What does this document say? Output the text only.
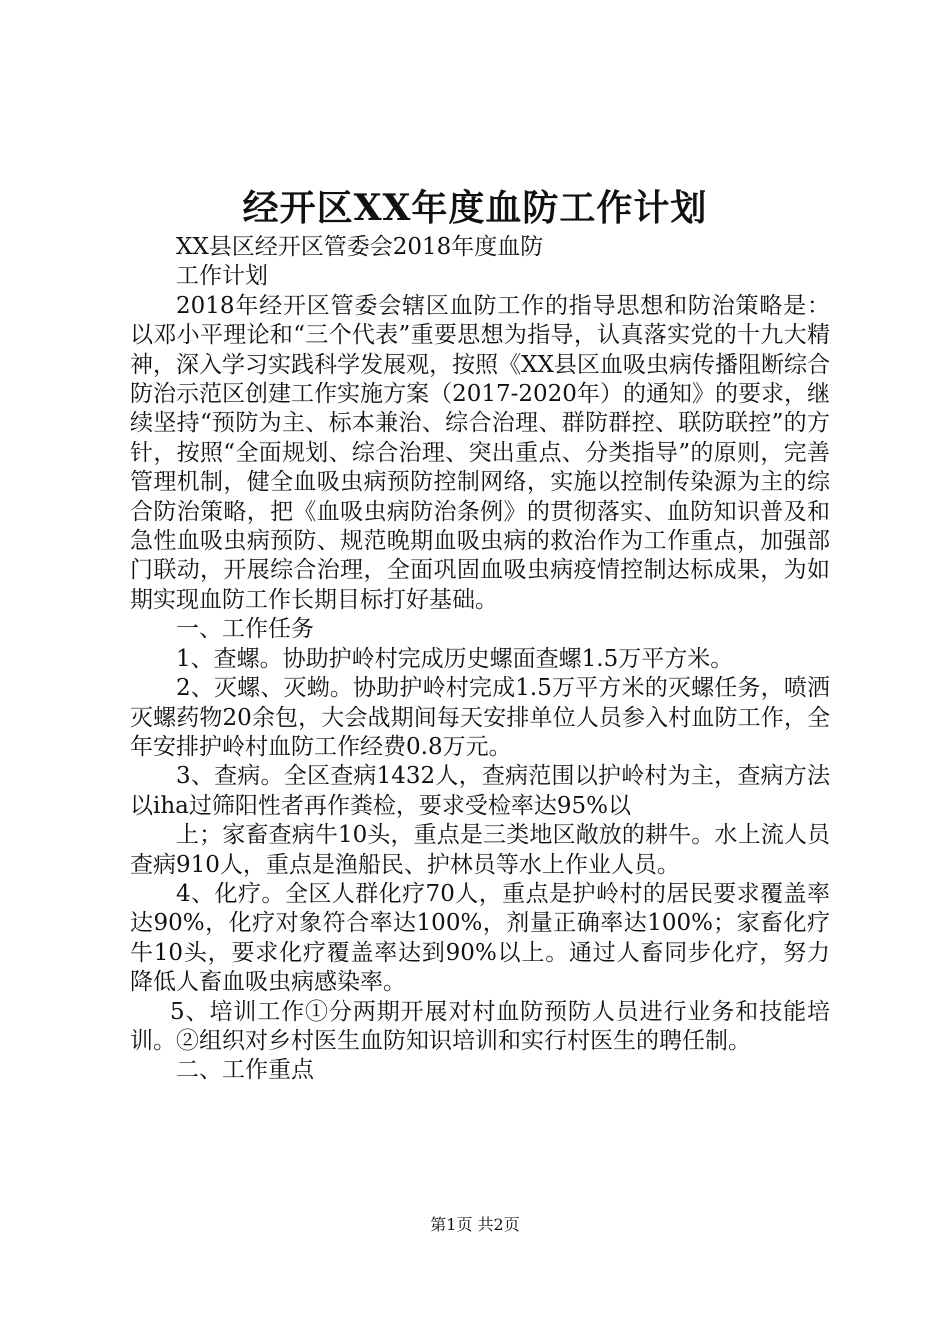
经开区XX年度血防工作计划

XX县区经开区管委会2018年度血防

工作计划

2018年经开区管委会辖区血防工作的指导思想和防治策略是：以邓小平理论和“三个代表”重要思想为指导，认真落实党的十九大精神，深入学习实践科学发展观，按照《XX县区血吸虫病传播阻断综合防治示范区创建工作实施方案（2017-2020年）的通知》的要求，继续坚持“预防为主、标本兼治、综合治理、群防群控、联防联控”的方针，按照“全面规划、综合治理、突出重点、分类指导”的原则，完善管理机制，健全血吸虫病预防控制网络，实施以控制传染源为主的综合防治策略，把《血吸虫病防治条例》的贯彻落实、血防知识普及和急性血吸虫病预防、规范晚期血吸虫病的救治作为工作重点，加强部门联动，开展综合治理，全面巩固血吸虫病疫情控制达标成果，为如期实现血防工作长期目标打好基础。

一、工作任务

1、查螺。协助护岭村完成历史螺面查螺1.5万平方米。

2、灭螺、灭蚴。协助护岭村完成1.5万平方米的灭螺任务，喷洒灭螺药物20余包，大会战期间每天安排单位人员参入村血防工作，全年安排护岭村血防工作经费0.8万元。

3、查病。全区查病1432人，查病范围以护岭村为主，查病方法以iha过筛阳性者再作粪检，要求受检率达95%以

上；家畜查病牛10头，重点是三类地区敞放的耕牛。水上流人员查病910人，重点是渔船民、护林员等水上作业人员。

4、化疗。全区人群化疗70人，重点是护岭村的居民要求覆盖率达90%，化疗对象符合率达100%，剂量正确率达100%；家畜化疗牛10头，要求化疗覆盖率达到90%以上。通过人畜同步化疗，努力降低人畜血吸虫病感染率。

5、培训工作①分两期开展对村血防预防人员进行业务和技能培训。②组织对乡村医生血防知识培训和实行村医生的聘任制。

二、工作重点

第1页 共2页
